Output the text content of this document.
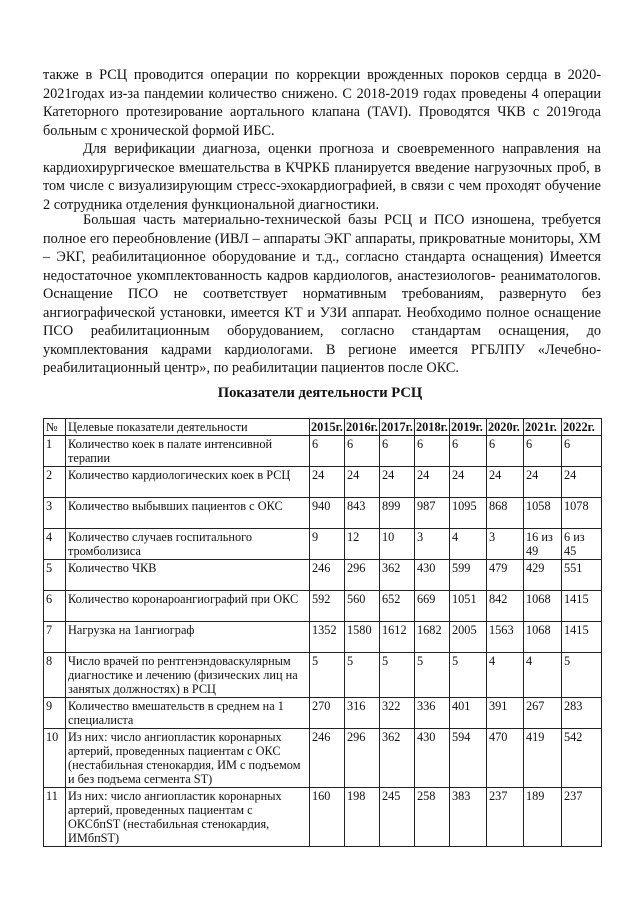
также в РСЦ проводится операции по коррекции врожденных пороков сердца в 2020-2021годах из-за пандемии количество снижено. С 2018-2019 годах проведены 4 операции Катеторного протезирование аортального клапана (TAVI). Проводятся ЧКВ с 2019года больным с хронической формой ИБС.

Для верификации диагноза, оценки прогноза и своевременного направления на кардиохирургическое вмешательства в КЧРКБ планируется введение нагрузочных проб, в том числе с визуализирующим стресс-эхокардиографией, в связи с чем проходят обучение 2 сотрудника отделения функциональной диагностики.

Большая часть материально-технической базы РСЦ и ПСО изношена, требуется полное его переобновление (ИВЛ – аппараты ЭКГ аппараты, прикроватные мониторы, ХМ – ЭКГ, реабилитационное оборудование и т.д., согласно стандарта оснащения) Имеется недостаточное укомплектованность кадров кардиологов, анастезиологов- реаниматологов. Оснащение ПСО не соответствует нормативным требованиям, развернуто без ангиографической установки, имеется КТ и УЗИ аппарат. Необходимо полное оснащение ПСО реабилитационным оборудованием, согласно стандартам оснащения, до укомплектования кадрами кардиологами. В регионе имеется РГБЛПУ «Лечебно-реабилитационный центр», по реабилитации пациентов после ОКС.

Показатели деятельности РСЦ
№	Целевые показатели деятельности	2015г.	2016г.	2017г.	2018г.	2019г.	2020г.	2021г.	2022г.
1	Количество коек в палате интенсивной терапии	6	6	6	6	6	6	6	6
2	Количество кардиологических коек в РСЦ	24	24	24	24	24	24	24	24
3	Количество выбывших пациентов с ОКС	940	843	899	987	1095	868	1058	1078
4	Количество случаев госпитального тромболизиса	9	12	10	3	4	3	16 из 49	6 из 45
5	Количество ЧКВ	246	296	362	430	599	479	429	551
6	Количество коронароангиографий при ОКС	592	560	652	669	1051	842	1068	1415
7	Нагрузка на 1ангиограф	1352	1580	1612	1682	2005	1563	1068	1415
8	Число врачей по рентгенэндоваскулярным диагностике и лечению (физических лиц на занятых должностях) в РСЦ	5	5	5	5	5	4	4	5
9	Количество вмешательств в среднем на 1 специалиста	270	316	322	336	401	391	267	283
10	Из них: число ангиопластик коронарных артерий, проведенных пациентам с ОКС (нестабильная стенокардия, ИМ с подъемом и без подъема сегмента ST)	246	296	362	430	594	470	419	542
11	Из них: число ангиопластик коронарных артерий, проведенных пациентам с ОКСбпST (нестабильная стенокардия, ИМбпST)	160	198	245	258	383	237	189	237
